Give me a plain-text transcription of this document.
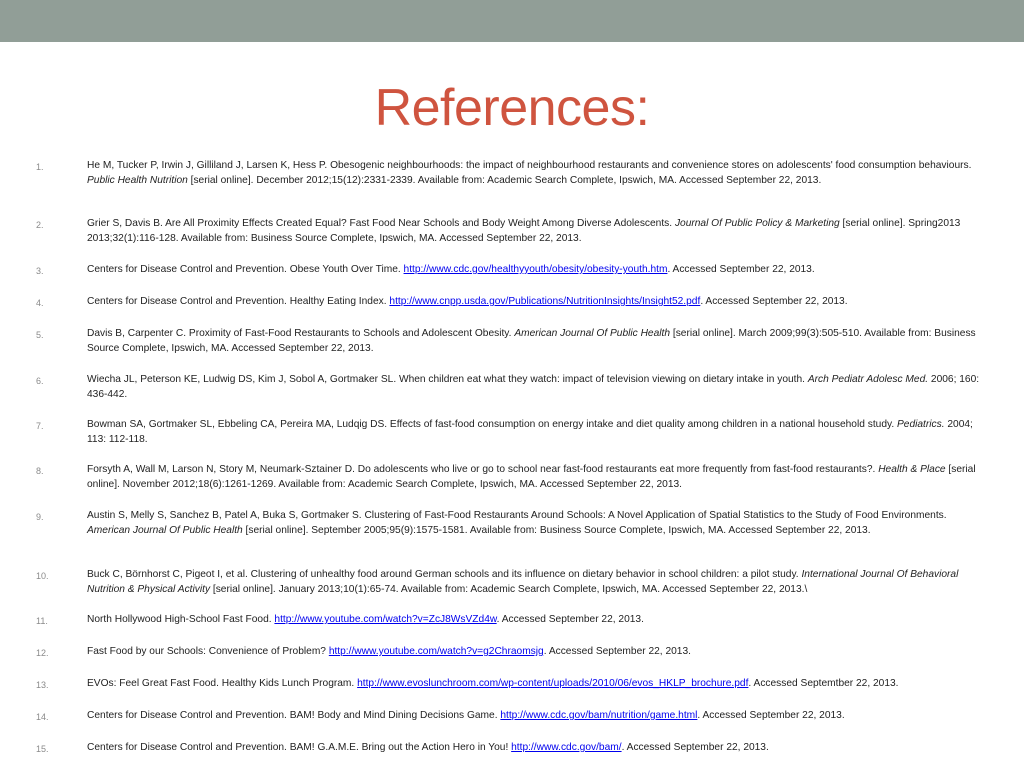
References:
1.	He M, Tucker P, Irwin J, Gilliland J, Larsen K, Hess P. Obesogenic neighbourhoods: the impact of neighbourhood restaurants and convenience stores on adolescents' food consumption behaviours. Public Health Nutrition [serial online]. December 2012;15(12):2331-2339. Available from: Academic Search Complete, Ipswich, MA. Accessed September 22, 2013.
2.	Grier S, Davis B. Are All Proximity Effects Created Equal? Fast Food Near Schools and Body Weight Among Diverse Adolescents. Journal Of Public Policy & Marketing [serial online]. Spring2013 2013;32(1):116-128. Available from: Business Source Complete, Ipswich, MA. Accessed September 22, 2013.
3.	Centers for Disease Control and Prevention. Obese Youth Over Time. http://www.cdc.gov/healthyyouth/obesity/obesity-youth.htm. Accessed September 22, 2013.
4.	Centers for Disease Control and Prevention. Healthy Eating Index. http://www.cnpp.usda.gov/Publications/NutritionInsights/Insight52.pdf. Accessed September 22, 2013.
5.	Davis B, Carpenter C. Proximity of Fast-Food Restaurants to Schools and Adolescent Obesity. American Journal Of Public Health [serial online]. March 2009;99(3):505-510. Available from: Business Source Complete, Ipswich, MA. Accessed September 22, 2013.
6.	Wiecha JL, Peterson KE, Ludwig DS, Kim J, Sobol A, Gortmaker SL. When children eat what they watch: impact of television viewing on dietary intake in youth. Arch Pediatr Adolesc Med. 2006; 160: 436-442.
7.	Bowman SA, Gortmaker SL, Ebbeling CA, Pereira MA, Ludqig DS. Effects of fast-food consumption on energy intake and diet quality among children in a national household study. Pediatrics. 2004; 113: 112-118.
8.	Forsyth A, Wall M, Larson N, Story M, Neumark-Sztainer D. Do adolescents who live or go to school near fast-food restaurants eat more frequently from fast-food restaurants?. Health & Place [serial online]. November 2012;18(6):1261-1269. Available from: Academic Search Complete, Ipswich, MA. Accessed September 22, 2013.
9.	Austin S, Melly S, Sanchez B, Patel A, Buka S, Gortmaker S. Clustering of Fast-Food Restaurants Around Schools: A Novel Application of Spatial Statistics to the Study of Food Environments. American Journal Of Public Health [serial online]. September 2005;95(9):1575-1581. Available from: Business Source Complete, Ipswich, MA. Accessed September 22, 2013.
10.	Buck C, Börnhorst C, Pigeot I, et al. Clustering of unhealthy food around German schools and its influence on dietary behavior in school children: a pilot study. International Journal Of Behavioral Nutrition & Physical Activity [serial online]. January 2013;10(1):65-74. Available from: Academic Search Complete, Ipswich, MA. Accessed September 22, 2013.\
11.	North Hollywood High-School Fast Food. http://www.youtube.com/watch?v=ZcJ8WsVZd4w. Accessed September 22, 2013.
12.	Fast Food by our Schools: Convenience of Problem? http://www.youtube.com/watch?v=g2Chraomsjg. Accessed September 22, 2013.
13.	EVOs: Feel Great Fast Food. Healthy Kids Lunch Program. http://www.evoslunchroom.com/wp-content/uploads/2010/06/evos_HKLP_brochure.pdf. Accessed Septemtber 22, 2013.
14.	Centers for Disease Control and Prevention. BAM! Body and Mind Dining Decisions Game. http://www.cdc.gov/bam/nutrition/game.html. Accessed September 22, 2013.
15.	Centers for Disease Control and Prevention. BAM! G.A.M.E. Bring out the Action Hero in You! http://www.cdc.gov/bam/. Accessed September 22, 2013.
